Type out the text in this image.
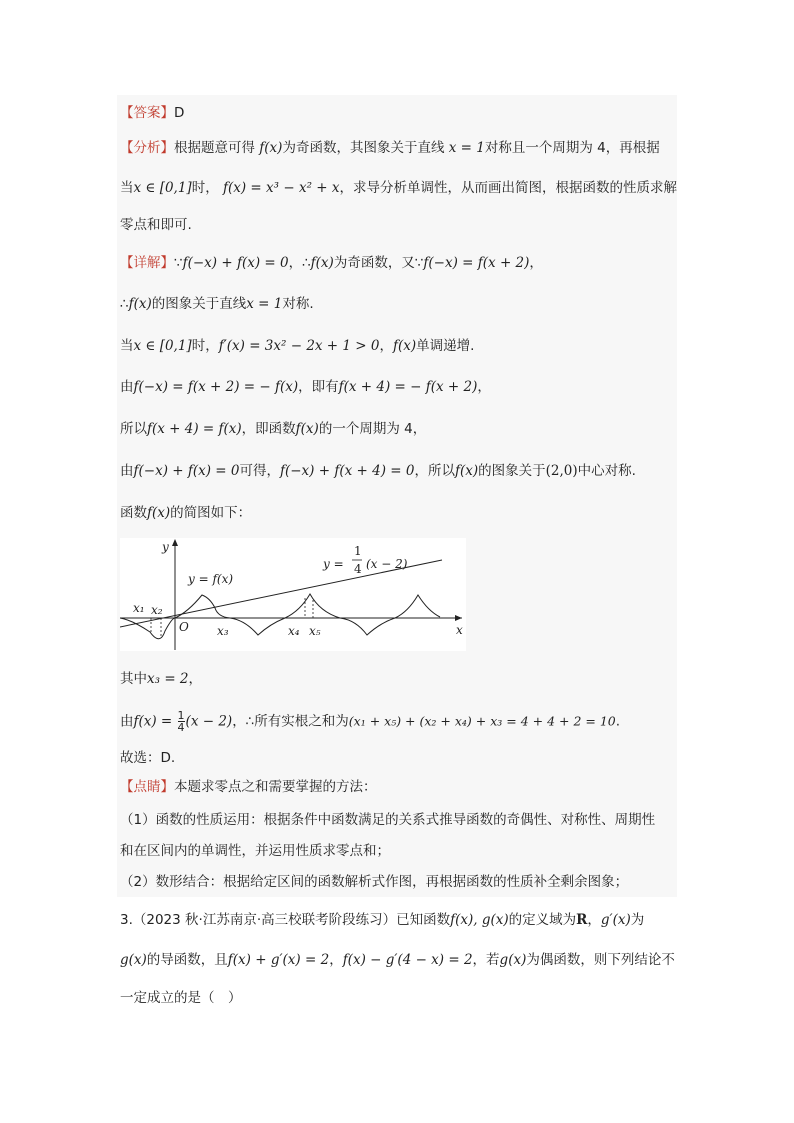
【答案】D
【分析】根据题意可得 f(x)为奇函数，其图象关于直线 x = 1对称且一个周期为 4，再根据
当x ∈ [0,1]时， f(x) = x³ − x² + x，求导分析单调性，从而画出简图，根据函数的性质求解
零点和即可.
【详解】∵f(−x) + f(x) = 0，∴f(x)为奇函数，又∵f(−x) = f(x + 2)，
∴f(x)的图象关于直线x = 1对称.
当x ∈ [0,1]时，f′(x) = 3x² − 2x + 1 > 0，f(x)单调递增.
由f(−x) = f(x + 2) = − f(x)，即有f(x + 4) = − f(x + 2)，
所以f(x + 4) = f(x)，即函数f(x)的一个周期为 4，
由f(−x) + f(x) = 0可得，f(−x) + f(x + 4) = 0，所以f(x)的图象关于(2,0)中心对称.
函数f(x)的简图如下：
y
x
O
y = f(x)
y =
1
4 (x − 2)
x₁ x₂
x₃	x₄ x₅
其中x₃ = 2，
由$f(x) = \frac{1}{4} (x - 2)$，∴所有实根之和为(x₁ + x₅) + (x₂ + x₄) + x₃ = 4 + 4 + 2 = 10.
故选：D.
【点睛】本题求零点之和需要掌握的方法：
（1）函数的性质运用：根据条件中函数满足的关系式推导函数的奇偶性、对称性、周期性
和在区间内的单调性，并运用性质求零点和；
（2）数形结合：根据给定区间的函数解析式作图，再根据函数的性质补全剩余图象；
3.（2023 秋·江苏南京·高三校联考阶段练习）已知函数f(x), g(x)的定义域为R，g′(x)为
g(x)的导函数，且f(x) + g′(x) = 2，f(x) − g′(4 − x) = 2，若g(x)为偶函数，则下列结论不
一定成立的是（　）
